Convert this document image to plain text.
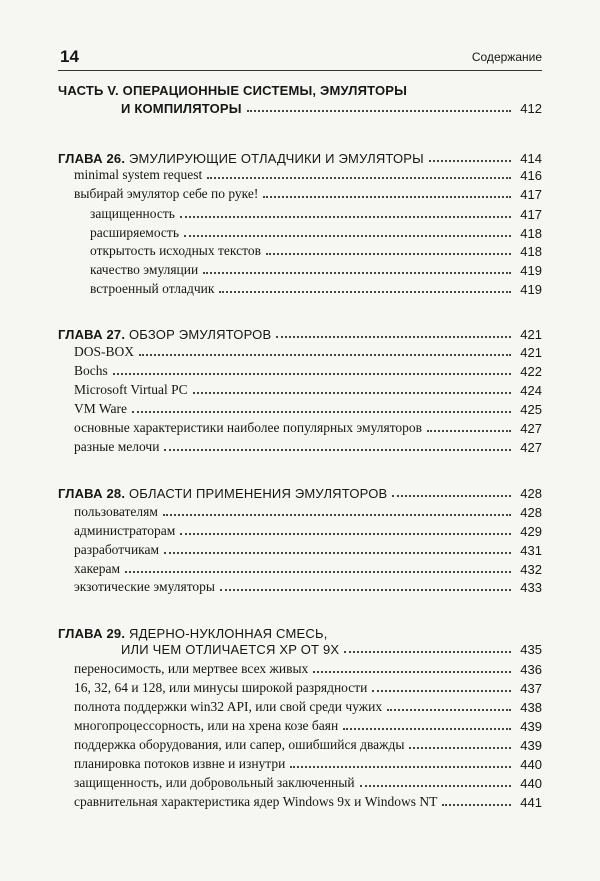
14	Содержание
ЧАСТЬ V. ОПЕРАЦИОННЫЕ СИСТЕМЫ, ЭМУЛЯТОРЫ
И КОМПИЛЯТОРЫ	412
ГЛАВА 26. ЭМУЛИРУЮЩИЕ ОТЛАДЧИКИ И ЭМУЛЯТОРЫ	414
minimal system request	416
выбирай эмулятор себе по руке!	417
защищенность	417
расширяемость	418
открытость исходных текстов	418
качество эмуляции	419
встроенный отладчик	419
ГЛАВА 27. ОБЗОР ЭМУЛЯТОРОВ	421
DOS-BOX	421
Bochs	422
Microsoft Virtual PC	424
VM Ware	425
основные характеристики наиболее популярных эмуляторов	427
разные мелочи	427
ГЛАВА 28. ОБЛАСТИ ПРИМЕНЕНИЯ ЭМУЛЯТОРОВ	428
пользователям	428
администраторам	429
разработчикам	431
хакерам	432
экзотические эмуляторы	433
ГЛАВА 29. ЯДЕРНО-НУКЛОННАЯ СМЕСЬ,
ИЛИ ЧЕМ ОТЛИЧАЕТСЯ XP ОТ 9X	435
переносимость, или мертвее всех живых	436
16, 32, 64 и 128, или минусы широкой разрядности	437
полнота поддержки win32 API, или свой среди чужих	438
многопроцессорность, или на хрена козе баян	439
поддержка оборудования, или сапер, ошибшийся дважды	439
планировка потоков извне и изнутри	440
защищенность, или добровольный заключенный	440
сравнительная характеристика ядер Windows 9x и Windows NT	441
